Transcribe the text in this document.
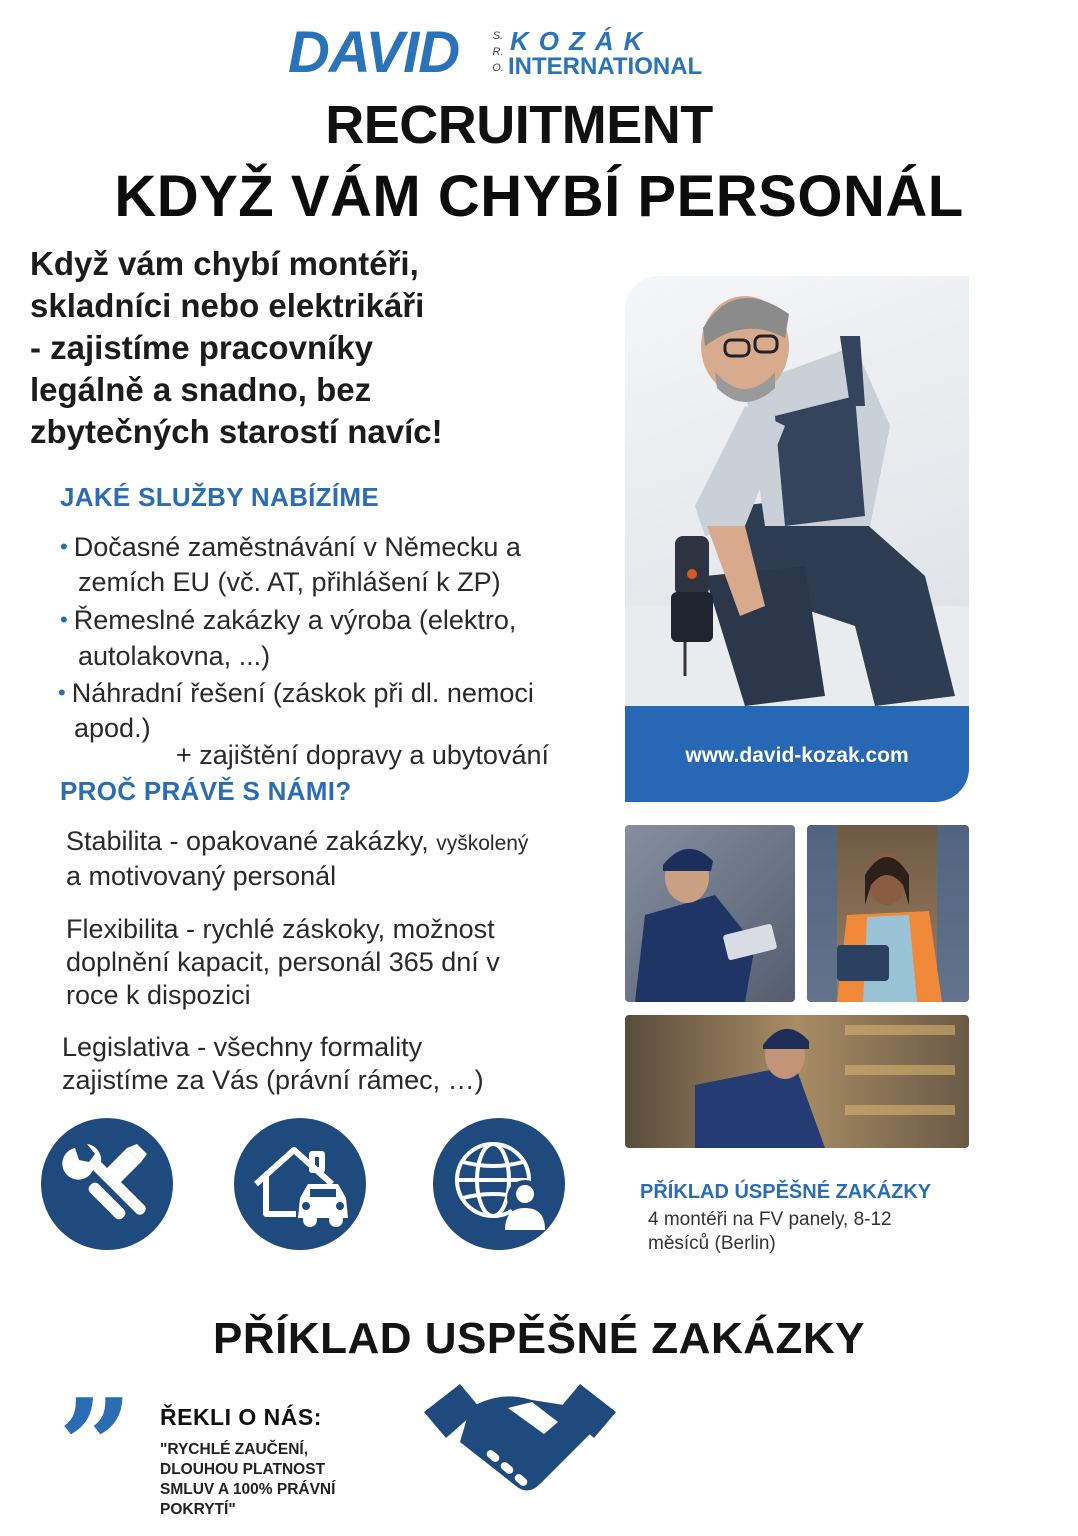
DAVID	S.
R.
O.
KOZÁK
INTERNATIONAL
RECRUITMENT
KDYŽ VÁM CHYBÍ PERSONÁL
Když vám chybí montéři,
skladníci nebo elektrikáři
- zajistíme pracovníky
legálně a snadno, bez
zbytečných starostí navíc!
JAKÉ SLUŽBY NABÍZÍME
• Dočasné zaměstnávání v Německu a
zemích EU (vč. AT, přihlášení k ZP)
• Řemeslné zakázky a výroba (elektro,
autolakovna, ...)
• Náhradní řešení (záskok při dl. nemoci
apod.)
+ zajištění dopravy a ubytování
PROČ PRÁVĚ S NÁMI?
Stabilita - opakované zakázky, vyškolený
a motivovaný personál
Flexibilita - rychlé záskoky, možnost
doplnění kapacit, personál 365 dní v
roce k dispozici
Legislativa - všechny formality
zajistíme za Vás (právní rámec, …)
www.david-kozak.com
PŘÍKLAD ÚSPĚŠNÉ ZAKÁZKY
4 montéři na FV panely, 8-12
měsíců (Berlin)
PŘÍKLAD USPĚŠNÉ ZAKÁZKY
” ŘEKLI O NÁS:
"RYCHLÉ ZAUČENÍ,
DLOUHOU PLATNOST
SMLUV A 100% PRÁVNÍ
POKRYTÍ"
